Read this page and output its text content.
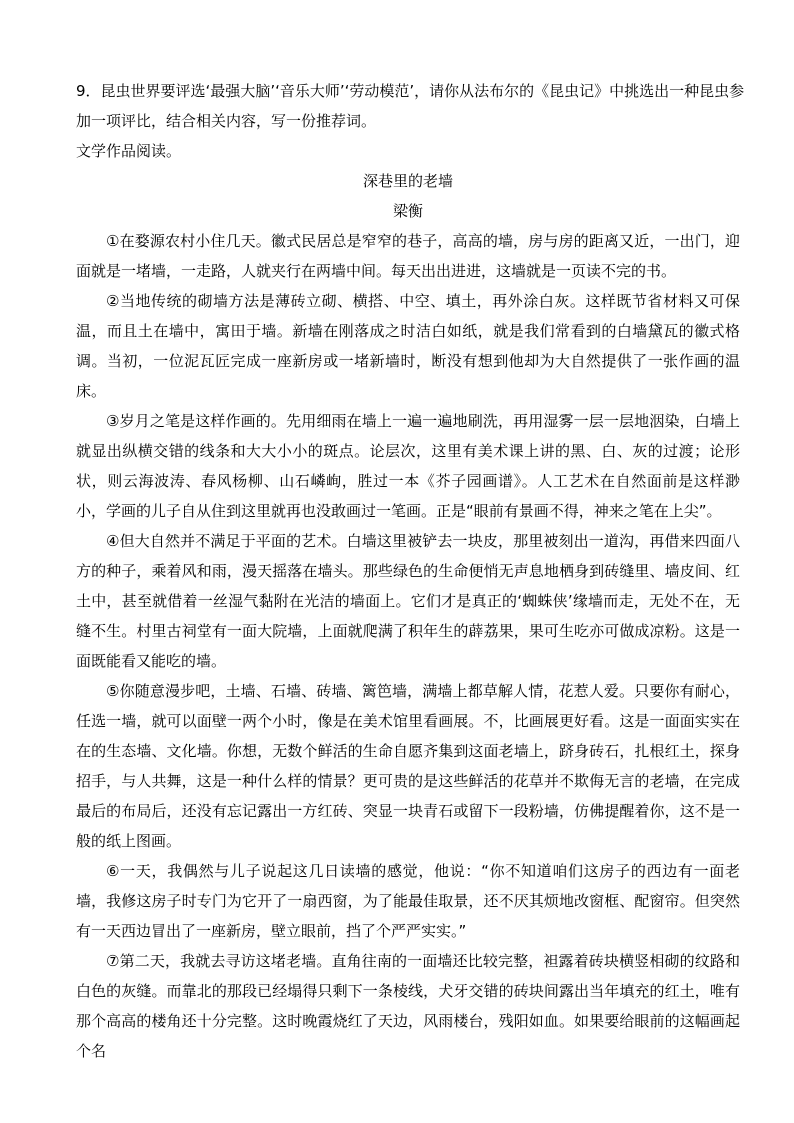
9．昆虫世界要评选‘最强大脑’‘音乐大师’‘劳动模范’，请你从法布尔的《昆虫记》中挑选出一种昆虫参

加一项评比，结合相关内容，写一份推荐词。

文学作品阅读。

深巷里的老墙

梁衡

①在婺源农村小住几天。徽式民居总是窄窄的巷子，高高的墙，房与房的距离又近，一出门，迎面就是一堵墙，一走路，人就夹行在两墙中间。每天出出进进，这墙就是一页读不完的书。

②当地传统的砌墙方法是薄砖立砌、横搭、中空、填土，再外涂白灰。这样既节省材料又可保温，而且土在墙中，寓田于墙。新墙在刚落成之时洁白如纸，就是我们常看到的白墙黛瓦的徽式格调。当初，一位泥瓦匠完成一座新房或一堵新墙时，断没有想到他却为大自然提供了一张作画的温床。

③岁月之笔是这样作画的。先用细雨在墙上一遍一遍地刷洗，再用湿雾一层一层地洇染，白墙上就显出纵横交错的线条和大大小小的斑点。论层次，这里有美术课上讲的黑、白、灰的过渡；论形状，则云海波涛、春风杨柳、山石嶙峋，胜过一本《芥子园画谱》。人工艺术在自然面前是这样渺小，学画的儿子自从住到这里就再也没敢画过一笔画。正是“眼前有景画不得，神来之笔在上尖”。

④但大自然并不满足于平面的艺术。白墙这里被铲去一块皮，那里被刻出一道沟，再借来四面八方的种子，乘着风和雨，漫天摇落在墙头。那些绿色的生命便悄无声息地栖身到砖缝里、墙皮间、红土中，甚至就借着一丝湿气黏附在光洁的墙面上。它们才是真正的‘蜘蛛侠’缘墙而走，无处不在，无缝不生。村里古祠堂有一面大院墙，上面就爬满了积年生的薜荔果，果可生吃亦可做成凉粉。这是一面既能看又能吃的墙。

⑤你随意漫步吧，土墙、石墙、砖墙、篱笆墙，满墙上都草解人情，花惹人爱。只要你有耐心，任选一墙，就可以面壁一两个小时，像是在美术馆里看画展。不，比画展更好看。这是一面面实实在在的生态墙、文化墙。你想，无数个鲜活的生命自愿齐集到这面老墙上，跻身砖石，扎根红土，探身招手，与人共舞，这是一种什么样的情景？更可贵的是这些鲜活的花草并不欺侮无言的老墙，在完成最后的布局后，还没有忘记露出一方红砖、突显一块青石或留下一段粉墙，仿佛提醒着你，这不是一般的纸上图画。

⑥一天，我偶然与儿子说起这几日读墙的感觉，他说：“你不知道咱们这房子的西边有一面老墙，我修这房子时专门为它开了一扇西窗，为了能最佳取景，还不厌其烦地改窗框、配窗帘。但突然有一天西边冒出了一座新房，壁立眼前，挡了个严严实实。”

⑦第二天，我就去寻访这堵老墙。直角往南的一面墙还比较完整，袒露着砖块横竖相砌的纹路和白色的灰缝。而靠北的那段已经塌得只剩下一条棱线，犬牙交错的砖块间露出当年填充的红土，唯有那个高高的楼角还十分完整。这时晚霞烧红了天边，风雨楼台，残阳如血。如果要给眼前的这幅画起个名
